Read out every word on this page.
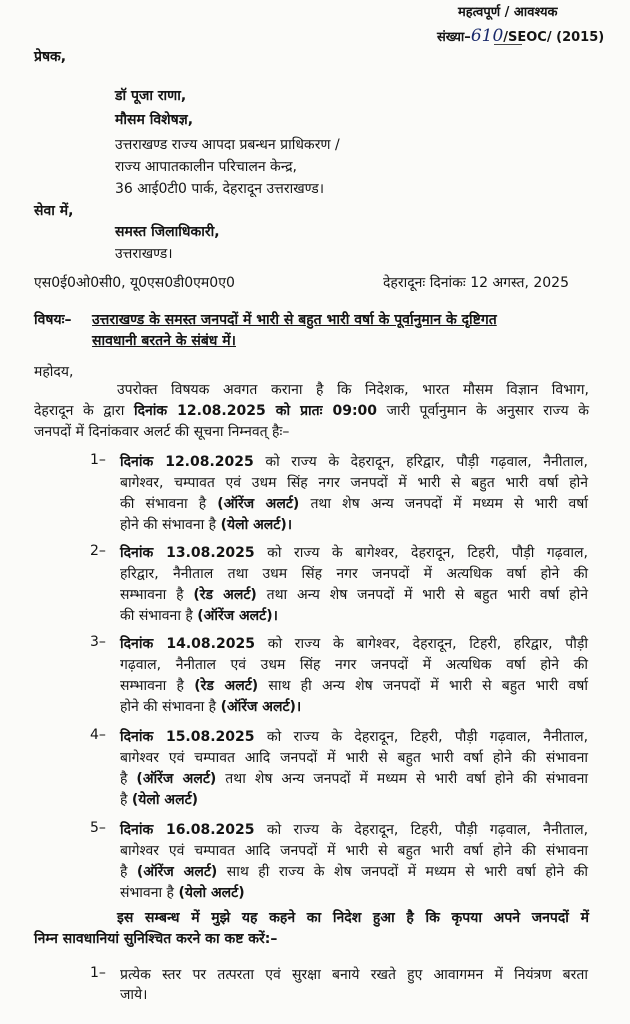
महत्वपूर्ण / आवश्यक
संख्या–610/SEOC/ (2015)
प्रेषक,
डॉ पूजा राणा,
मौसम विशेषज्ञ,
उत्तराखण्ड राज्य आपदा प्रबन्धन प्राधिकरण /
राज्य आपातकालीन परिचालन केन्द्र,
36 आई0टी0 पार्क, देहरादून उत्तराखण्ड।
सेवा में,
समस्त जिलाधिकारी,
उत्तराखण्ड।
एस0ई0ओ0सी0, यू0एस0डी0एम0ए0	देहरादूनः दिनांकः 12 अगस्त, 2025
विषयः– उत्तराखण्ड के समस्त जनपदों में भारी से बहुत भारी वर्षा के पूर्वानुमान के दृष्टिगत
सावधानी बरतने के संबंध में।
महोदय,
उपरोक्त विषयक अवगत कराना है कि निदेशक, भारत मौसम विज्ञान विभाग,
देहरादून के द्वारा दिनांक 12.08.2025 को प्रातः 09:00 जारी पूर्वानुमान के अनुसार राज्य के
जनपदों में दिनांकवार अलर्ट की सूचना निम्नवत् हैः–
1– दिनांक 12.08.2025 को राज्य के देहरादून, हरिद्वार, पौड़ी गढ़वाल, नैनीताल,
बागेश्वर, चम्पावत एवं उधम सिंह नगर जनपदों में भारी से बहुत भारी वर्षा होने
की संभावना है (ऑरेंज अलर्ट) तथा शेष अन्य जनपदों में मध्यम से भारी वर्षा
होने की संभावना है (येलो अलर्ट)।
2– दिनांक 13.08.2025 को राज्य के बागेश्वर, देहरादून, टिहरी, पौड़ी गढ़वाल,
हरिद्वार, नैनीताल तथा उधम सिंह नगर जनपदों में अत्यधिक वर्षा होने की
सम्भावना है (रेड अलर्ट) तथा अन्य शेष जनपदों में भारी से बहुत भारी वर्षा होने
की संभावना है (ऑरेंज अलर्ट)।
3– दिनांक 14.08.2025 को राज्य के बागेश्वर, देहरादून, टिहरी, हरिद्वार, पौड़ी
गढ़वाल, नैनीताल एवं उधम सिंह नगर जनपदों में अत्यधिक वर्षा होने की
सम्भावना है (रेड अलर्ट) साथ ही अन्य शेष जनपदों में भारी से बहुत भारी वर्षा
होने की संभावना है (ऑरेंज अलर्ट)।
4– दिनांक 15.08.2025 को राज्य के देहरादून, टिहरी, पौड़ी गढ़वाल, नैनीताल,
बागेश्वर एवं चम्पावत आदि जनपदों में भारी से बहुत भारी वर्षा होने की संभावना
है (ऑरेंज अलर्ट) तथा शेष अन्य जनपदों में मध्यम से भारी वर्षा होने की संभावना
है (येलो अलर्ट)
5– दिनांक 16.08.2025 को राज्य के देहरादून, टिहरी, पौड़ी गढ़वाल, नैनीताल,
बागेश्वर एवं चम्पावत आदि जनपदों में भारी से बहुत भारी वर्षा होने की संभावना
है (ऑरेंज अलर्ट) साथ ही राज्य के शेष जनपदों में मध्यम से भारी वर्षा होने की
संभावना है (येलो अलर्ट)
इस सम्बन्ध में मुझे यह कहने का निदेश हुआ है कि कृपया अपने जनपदों में
निम्न सावधानियां सुनिश्चित करने का कष्ट करें:–
1– प्रत्येक स्तर पर तत्परता एवं सुरक्षा बनाये रखते हुए आवागमन में नियंत्रण बरता
जाये।
